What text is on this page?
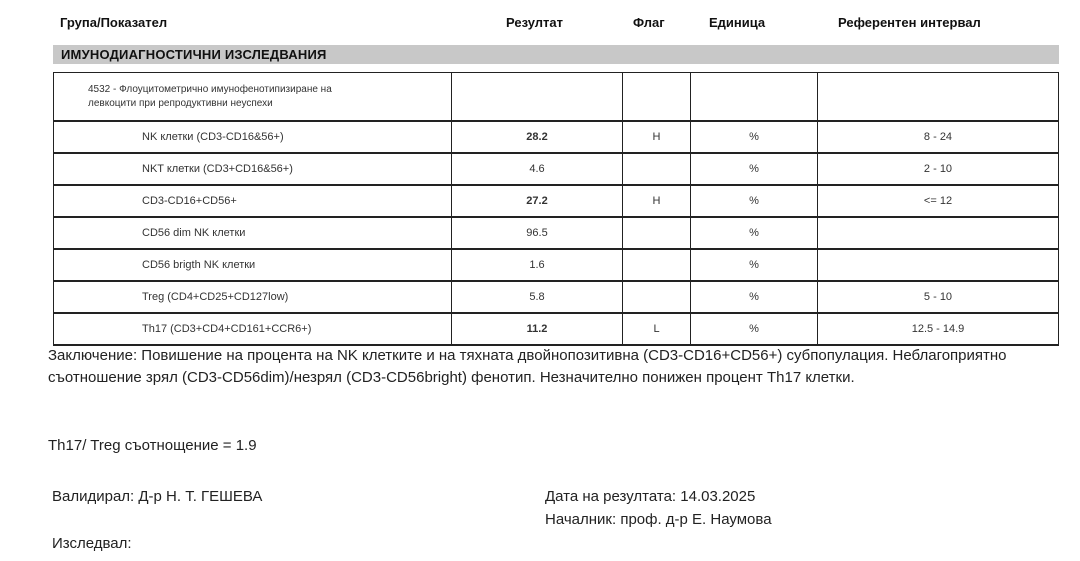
Група/Показател	Резултат	Флаг	Единица	Референтен интервал
ИМУНОДИАГНОСТИЧНИ ИЗСЛЕДВАНИЯ
4532 - Флоуцитометрично имунофенотипизиране на
левкоцити при репродуктивни неуспехи				

NK клетки (CD3-CD16&56+)	28.2	H	%	8 - 24

NKT клетки (CD3+CD16&56+)	4.6		%	2 - 10

CD3-CD16+CD56+	27.2	H	%	<= 12

CD56 dim NK клетки	96.5		%	

CD56 brigth NK клетки	1.6		%	

Treg (CD4+CD25+CD127low)	5.8		%	5 - 10

Th17 (CD3+CD4+CD161+CCR6+)	11.2	L	%	12.5 - 14.9
Заключение: Повишение на процента на NK клетките и на тяхната двойнопозитивна (CD3-CD16+CD56+) субпопулация. Неблагоприятно съотношение зрял (CD3-CD56dim)/незрял (CD3-CD56bright) фенотип. Незначително понижен процент Th17 клетки.
Th17/ Treg съотнощение = 1.9
Валидирал: Д-р Н. Т. ГЕШЕВА	Дата на резултата: 14.03.2025
Началник: проф. д-р Е. Наумова
Изследвал:
